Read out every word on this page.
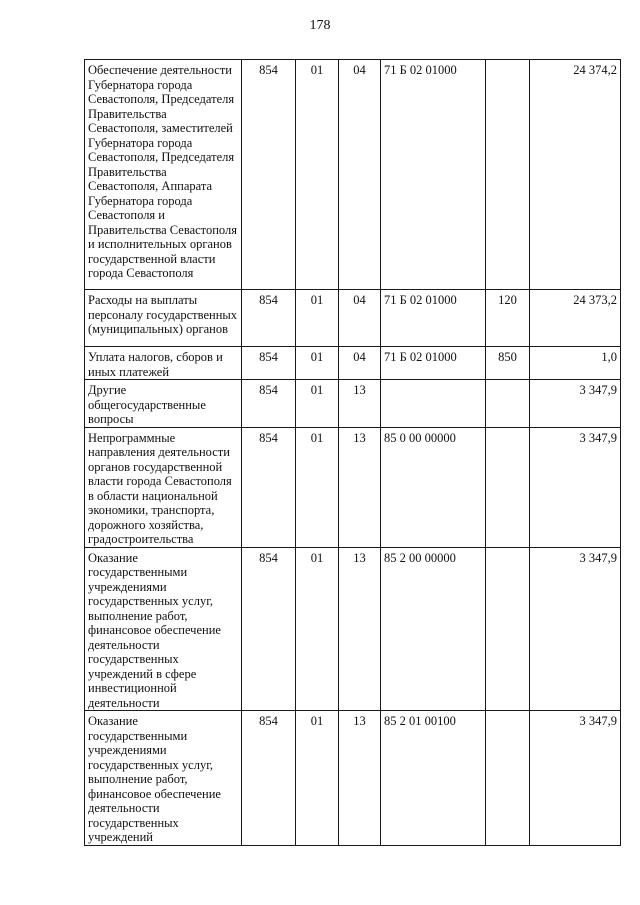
178
Обеспечение деятельности Губернатора города Севастополя, Председателя Правительства Севастополя, заместителей Губернатора города Севастополя, Председателя Правительства Севастополя, Аппарата Губернатора города Севастополя и Правительства Севастополя и исполнительных органов государственной власти города Севастополя	854	01	04	71 Б 02 01000		24 374,2
Расходы на выплаты персоналу государственных (муниципальных) органов	854	01	04	71 Б 02 01000	120	24 373,2
Уплата налогов, сборов и иных платежей	854	01	04	71 Б 02 01000	850	1,0
Другие общегосударственные вопросы	854	01	13			3 347,9
Непрограммные направления деятельности органов государственной власти города Севастополя в области национальной экономики, транспорта, дорожного хозяйства, градостроительства	854	01	13	85 0 00 00000		3 347,9
Оказание государственными учреждениями государственных услуг, выполнение работ, финансовое обеспечение деятельности государственных учреждений в сфере инвестиционной деятельности	854	01	13	85 2 00 00000		3 347,9
Оказание государственными учреждениями государственных услуг, выполнение работ, финансовое обеспечение деятельности государственных учреждений	854	01	13	85 2 01 00100		3 347,9
